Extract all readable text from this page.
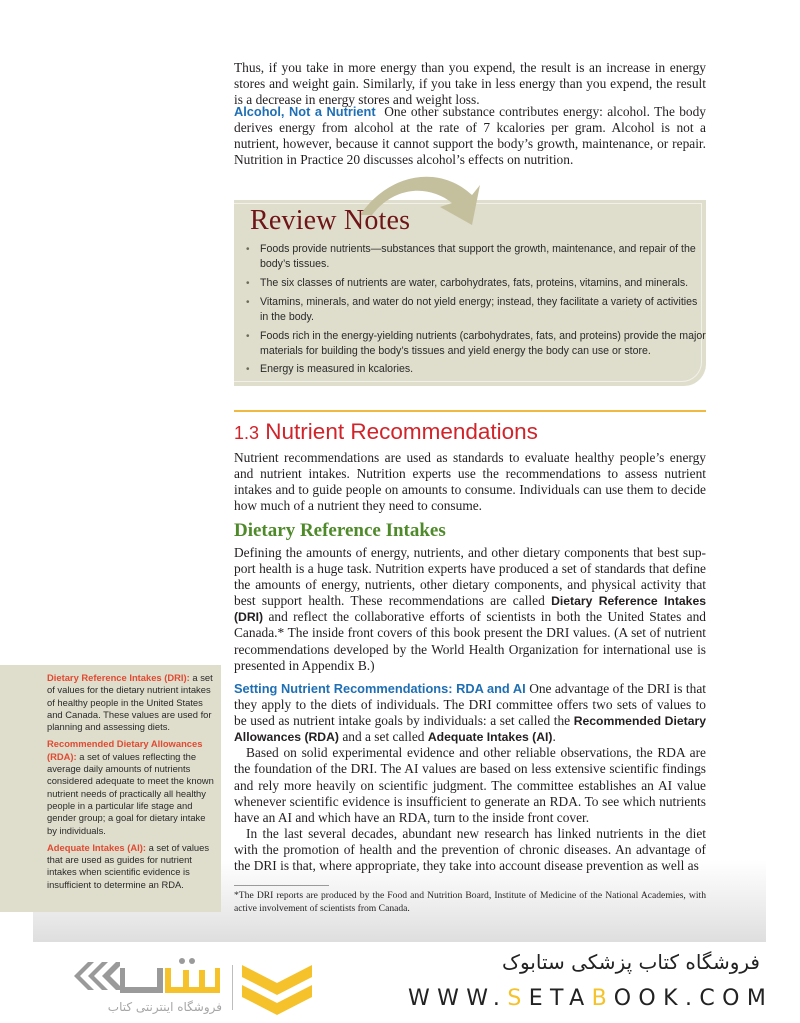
Thus, if you take in more energy than you expend, the result is an increase in energy stores and weight gain. Similarly, if you take in less energy than you expend, the result is a decrease in energy stores and weight loss.

Alcohol, Not a Nutrient One other substance contributes energy: alcohol. The body derives energy from alcohol at the rate of 7 kcalories per gram. Alcohol is not a nutrient, however, because it cannot support the body’s growth, maintenance, or repair. Nutrition in Practice 20 discusses alcohol’s effects on nutrition.

Review Notes
• Foods provide nutrients—substances that support the growth, maintenance, and repair of the body’s tissues.
• The six classes of nutrients are water, carbohydrates, fats, proteins, vitamins, and minerals.
• Vitamins, minerals, and water do not yield energy; instead, they facilitate a variety of activities in the body.
• Foods rich in the energy-yielding nutrients (carbohydrates, fats, and proteins) provide the major materials for building the body’s tissues and yield energy the body can use or store.
• Energy is measured in kcalories.
1.3 Nutrient Recommendations

Nutrient recommendations are used as standards to evaluate healthy people’s energy and nutrient intakes. Nutrition experts use the recommendations to assess nutrient intakes and to guide people on amounts to consume. Individuals can use them to decide how much of a nutrient they need to consume.

Dietary Reference Intakes

Defining the amounts of energy, nutrients, and other dietary components that best support health is a huge task. Nutrition experts have produced a set of standards that define the amounts of energy, nutrients, other dietary components, and physical activity that best support health. These recommendations are called Dietary Reference Intakes (DRI) and reflect the collaborative efforts of scientists in both the United States and Canada.* The inside front covers of this book present the DRI values. (A set of nutrient recommendations developed by the World Health Organization for international use is presented in Appendix B.)

Setting Nutrient Recommendations: RDA and AI One advantage of the DRI is that they apply to the diets of individuals. The DRI committee offers two sets of values to be used as nutrient intake goals by individuals: a set called the Recommended Dietary Allowances (RDA) and a set called Adequate Intakes (AI).

Based on solid experimental evidence and other reliable observations, the RDA are the foundation of the DRI. The AI values are based on less extensive scientific findings and rely more heavily on scientific judgment. The committee establishes an AI value whenever scientific evidence is insufficient to generate an RDA. To see which nutrients have an AI and which have an RDA, turn to the inside front cover.

In the last several decades, abundant new research has linked nutrients in the diet with the promotion of health and the prevention of chronic diseases. An advantage of the DRI is that, where appropriate, they take into account disease prevention as well as

*The DRI reports are produced by the Food and Nutrition Board, Institute of Medicine of the National Academies, with active involvement of scientists from Canada.

Dietary Reference Intakes (DRI): a set of values for the dietary nutrient intakes of healthy people in the United States and Canada. These values are used for planning and assessing diets.

Recommended Dietary Allowances (RDA): a set of values reflecting the average daily amounts of nutrients considered adequate to meet the known nutrient needs of practically all healthy people in a particular life stage and gender group; a goal for dietary intake by individuals.

Adequate Intakes (AI): a set of values that are used as guides for nutrient intakes when scientific evidence is insufficient to determine an RDA.

فروشگاه اینترنتی کتاب
فروشگاه کتاب پزشکی ستابوک
WWW.SETABOOK.COM
